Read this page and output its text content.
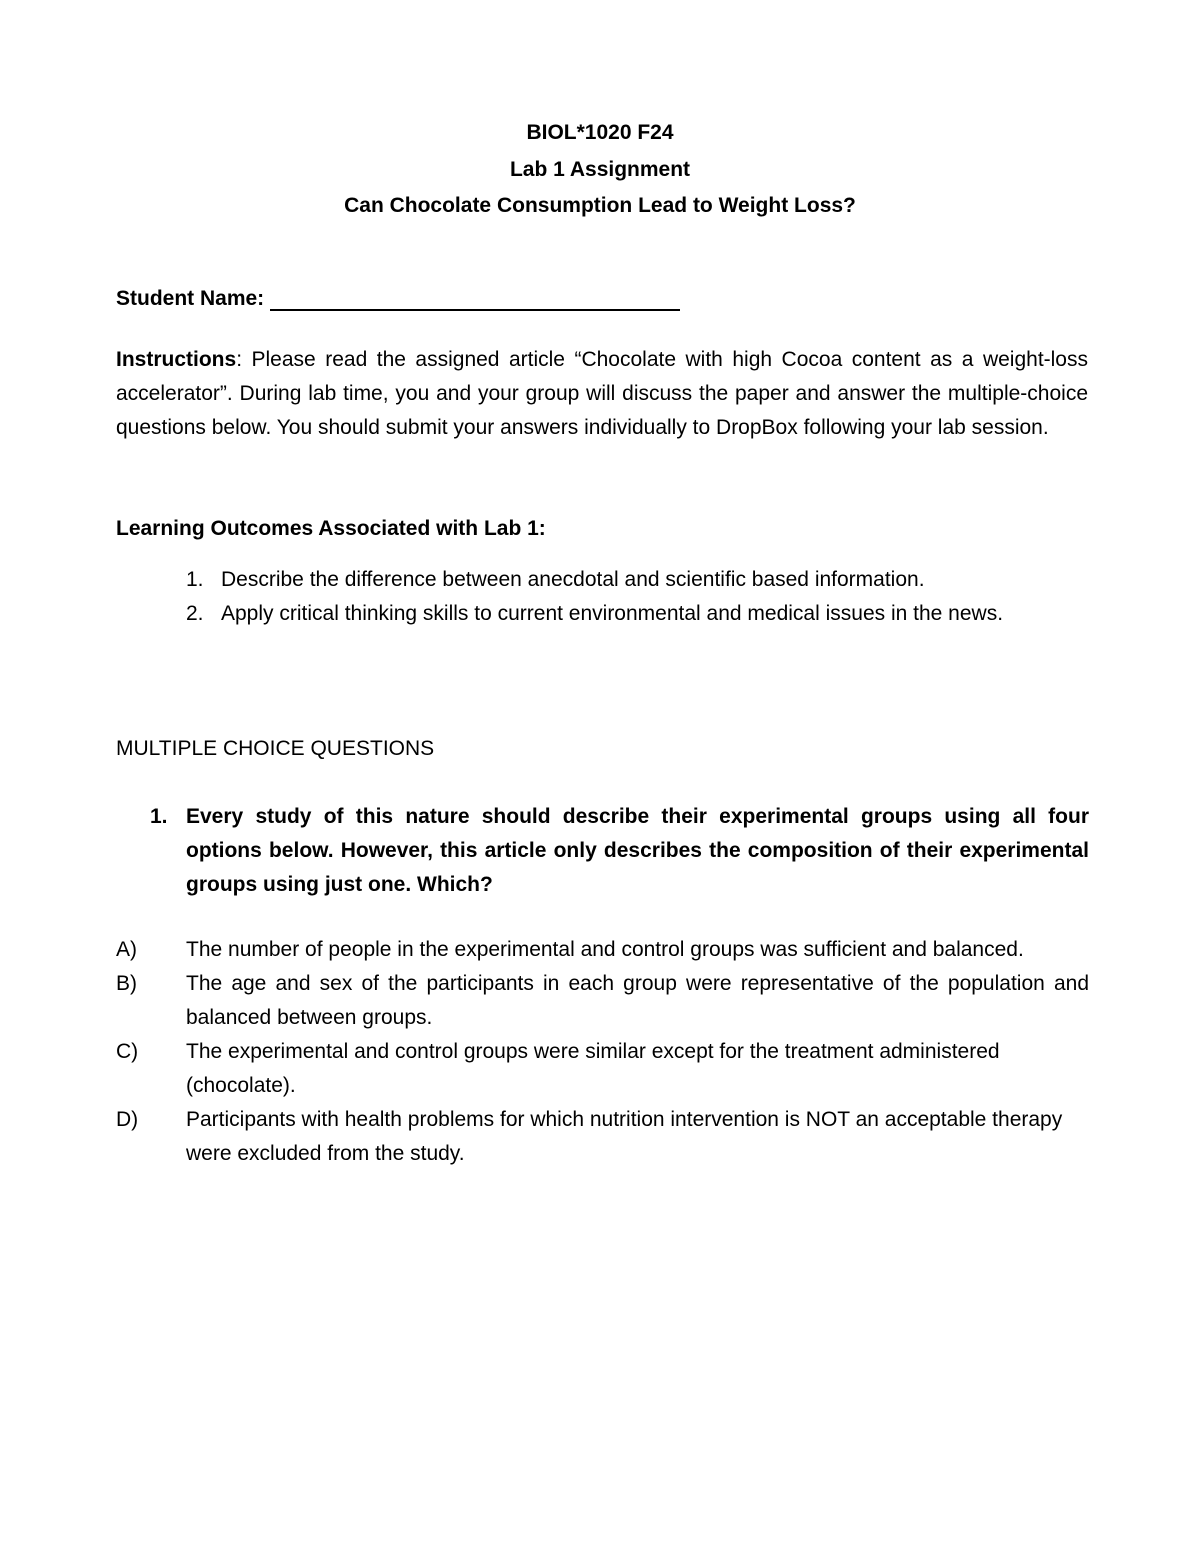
BIOL*1020 F24
Lab 1 Assignment
Can Chocolate Consumption Lead to Weight Loss?
Student Name:
Instructions: Please read the assigned article “Chocolate with high Cocoa content as a weight-loss accelerator”. During lab time, you and your group will discuss the paper and answer the multiple-choice questions below. You should submit your answers individually to DropBox following your lab session.
Learning Outcomes Associated with Lab 1:
1. Describe the difference between anecdotal and scientific based information.
2. Apply critical thinking skills to current environmental and medical issues in the news.
MULTIPLE CHOICE QUESTIONS
1. Every study of this nature should describe their experimental groups using all four options below. However, this article only describes the composition of their experimental groups using just one. Which?
A) The number of people in the experimental and control groups was sufficient and balanced.
B) The age and sex of the participants in each group were representative of the population and balanced between groups.
C) The experimental and control groups were similar except for the treatment administered (chocolate).
D) Participants with health problems for which nutrition intervention is NOT an acceptable therapy were excluded from the study.
